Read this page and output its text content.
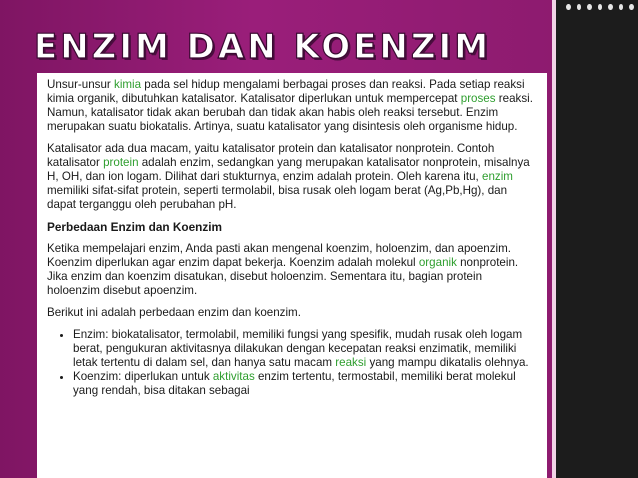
ENZIM DAN KOENZIM

Unsur-unsur kimia pada sel hidup mengalami berbagai proses dan reaksi. Pada setiap reaksi kimia organik, dibutuhkan katalisator. Katalisator diperlukan untuk mempercepat proses reaksi. Namun, katalisator tidak akan berubah dan tidak akan habis oleh reaksi tersebut. Enzim merupakan suatu biokatalis. Artinya, suatu katalisator yang disintesis oleh organisme hidup.

Katalisator ada dua macam, yaitu katalisator protein dan katalisator nonprotein. Contoh katalisator protein adalah enzim, sedangkan yang merupakan katalisator nonprotein, misalnya H, OH, dan ion logam. Dilihat dari stukturnya, enzim adalah protein. Oleh karena itu, enzim memiliki sifat-sifat protein, seperti termolabil, bisa rusak oleh logam berat (Ag,Pb,Hg), dan dapat terganggu oleh perubahan pH.

Perbedaan Enzim dan Koenzim

Ketika mempelajari enzim, Anda pasti akan mengenal koenzim, holoenzim, dan apoenzim. Koenzim diperlukan agar enzim dapat bekerja. Koenzim adalah molekul organik nonprotein. Jika enzim dan koenzim disatukan, disebut holoenzim. Sementara itu, bagian protein holoenzim disebut apoenzim.

Berikut ini adalah perbedaan enzim dan koenzim.

• Enzim: biokatalisator, termolabil, memiliki fungsi yang spesifik, mudah rusak oleh logam berat, pengukuran aktivitasnya dilakukan dengan kecepatan reaksi enzimatik, memiliki letak tertentu di dalam sel, dan hanya satu macam reaksi yang mampu dikatalis olehnya.
• Koenzim: diperlukan untuk aktivitas enzim tertentu, termostabil, memiliki berat molekul yang rendah, bisa ditakan sebagai
